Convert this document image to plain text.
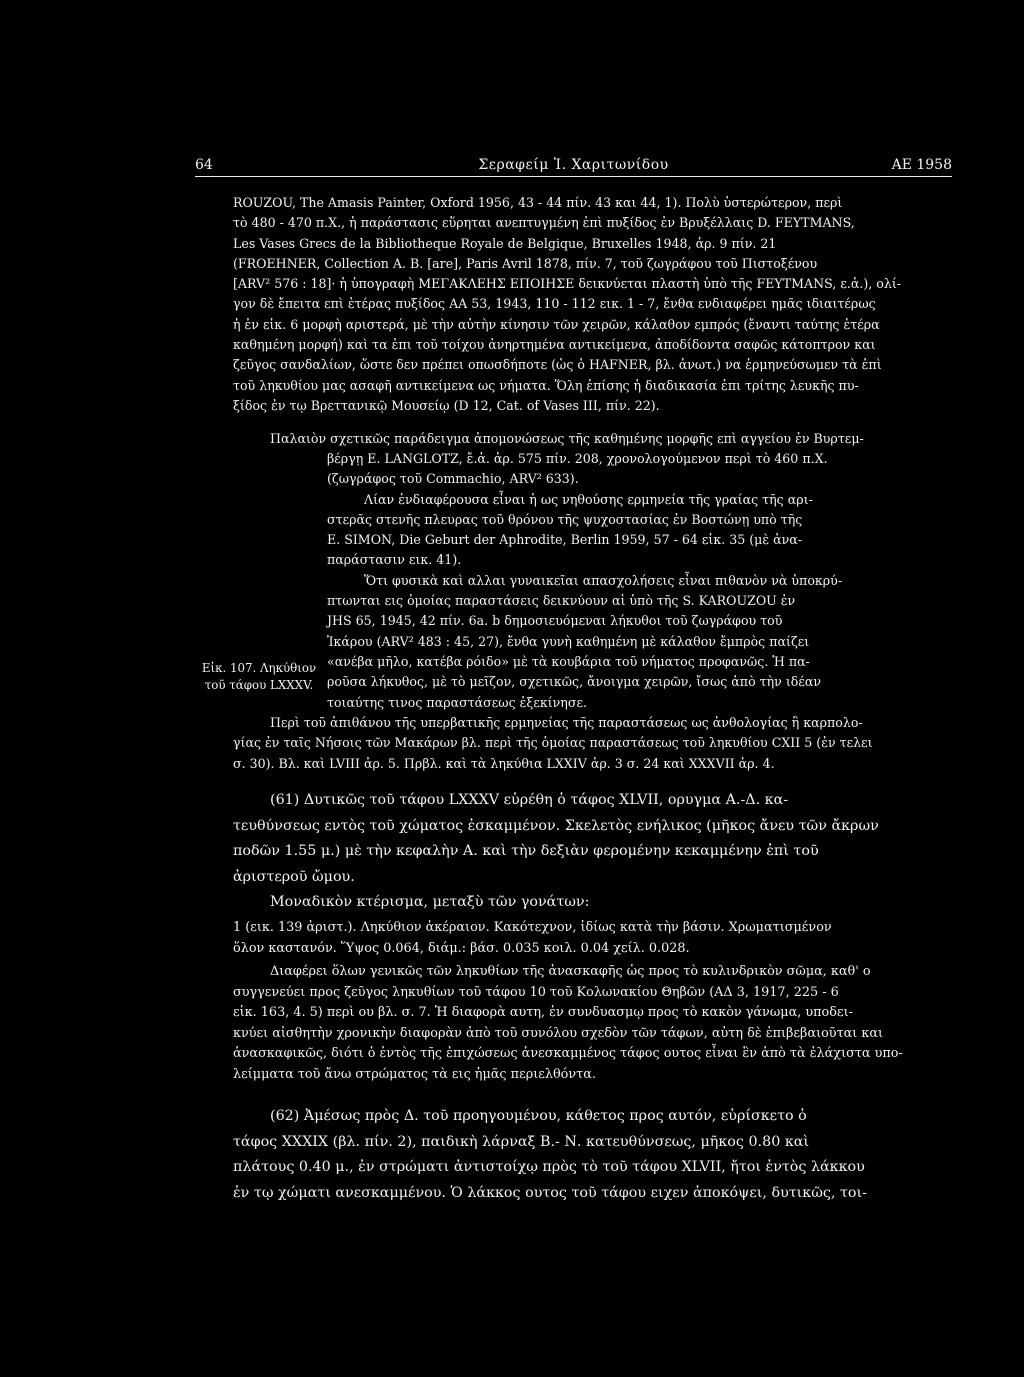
64	Σεραφείμ Ἰ. Χαριτωνίδου	ΑΕ 1958

ROUZOU, The Amasis Painter, Oxford 1956, 43 - 44 πίν. 43 και 44, 1). Πολὺ ὑστερώτερον, περὶ

τὸ 480 - 470 π.Χ., ἡ παράστασις εὕρηται ανεπτυγμένη ἐπὶ πυξίδος ἐν Βρυξέλλαις D. FEYTMANS,

Les Vases Grecs de la Bibliotheque Royale de Belgique, Bruxelles 1948, ἀρ. 9 πίν. 21

(FROEHNER, Collection A. B. [are], Paris Avril 1878, πίν. 7, τοῦ ζωγράφου τοῦ Πιστοξένου

[ARV² 576 : 18]· ἡ ὑπογραφὴ ΜΕΓΑΚΛΕΗΣ ΕΠΟΙΗΣΕ δεικνύεται πλαστὴ ὑπὸ τῆς FEYTMANS, ε.ἀ.), ολί-

γον δὲ ἔπειτα επὶ ἑτέρας πυξίδος ΑΑ 53, 1943, 110 - 112 εικ. 1 - 7, ἔνθα ενδιαφέρει ημᾶς ιδιαιτέρως

ἡ ἐν εἰκ. 6 μορφὴ αριστερά, μὲ τὴν αὐτὴν κίνησιν τῶν χειρῶν, κάλαθον εμπρός (ἔναντι ταύτης ἑτέρα

καθημένη μορφή) καὶ τα ἐπι τοῦ τοίχου ἀνηρτημένα αντικείμενα, ἀποδίδοντα σαφῶς κάτοπτρον και

ζεῦγος σανδαλίων, ὥστε δεν πρέπει οπωσδήποτε (ὡς ὁ HAFNER, βλ. ἀνωτ.) να ἑρμηνεύσωμεν τὰ ἐπὶ

τοῦ ληκυθίου μας ασαφῆ αντικείμενα ως νήματα. Ὅλη ἐπίσης ἡ διαδικασία ἐπι τρίτης λευκῆς πυ-

ξίδος ἐν τῳ Βρεττανικῷ Μουσείῳ (D 12, Cat. of Vases III, πίν. 22).

Παλαιὸν σχετικῶς παράδειγμα ἀπομονώσεως τῆς καθημένης μορφῆς επὶ αγγείου ἐν Βυρτεμ-

βέργῃ E. LANGLOTZ, ἔ.ἀ. ἀρ. 575 πίν. 208, χρονολογούμενον περὶ τὸ 460 π.Χ.

(ζωγράφος τοῦ Commachio, ARV² 633).

Λίαν ἐνδιαφέρουσα εἶναι ἡ ως νηθούσης ερμηνεία τῆς γραίας τῆς αρι-

στερᾶς στενῆς πλευρας τοῦ θρόνου τῆς ψυχοστασίας ἐν Βοστώνῃ υπὸ τῆς

E. SIMON, Die Geburt der Aphrodite, Berlin 1959, 57 - 64 εἰκ. 35 (μὲ ἀνα-

παράστασιν εικ. 41).

Ὅτι φυσικὰ καὶ αλλαι γυναικεῖαι απασχολήσεις εἶναι πιθανὸν νὰ ὑποκρύ-

πτωνται εις ὁμοίας παραστάσεις δεικνύουν αἱ ὑπὸ τῆς S. KAROUZOU ἐν

JHS 65, 1945, 42 πίν. 6a. b δημοσιευόμεναι λήκυθοι τοῦ ζωγράφου τοῦ

Ἰκάρου (ARV² 483 : 45, 27), ἔνθα γυνὴ καθημένη μὲ κάλαθον ἔμπρὸς παίζει

«ανέβα μῆλο, κατέβα ρόιδο» μὲ τὰ κουβάρια τοῦ νήματος προφανῶς. Ἡ πα-

ροῦσα λήκυθος, μὲ τὸ μεῖζον, σχετικῶς, ἄνοιγμα χειρῶν, ἴσως ἀπὸ τὴν ιδέαν

τοιαύτης τινος παραστάσεως ἐξεκίνησε.

Εἰκ. 107. Ληκύθιον
τοῦ τάφου LXXXV.

Περὶ τοῦ ἀπιθάνου τῆς υπερβατικῆς ερμηνείας τῆς παραστάσεως ως ἀνθολογίας ἢ καρπολο-

γίας ἐν ταῖς Νήσοις τῶν Μακάρων βλ. περὶ τῆς ὁμοίας παραστάσεως τοῦ ληκυθίου CXII 5 (ἐν τελει

σ. 30). Βλ. καὶ LVIII ἀρ. 5. Πρβλ. καὶ τὰ ληκύθια LXXIV ἀρ. 3 σ. 24 καὶ XXXVII ἀρ. 4.

(61) Δυτικῶς τοῦ τάφου LXXXV εὑρέθη ὁ τάφος XLVII, ορυγμα Α.-Δ. κα-

τευθύνσεως εντὸς τοῦ χώματος ἐσκαμμένον. Σκελετὸς ενήλικος (μῆκος ἄνευ τῶν ἄκρων

ποδῶν 1.55 μ.) μὲ τὴν κεφαλὴν Α. καὶ τὴν δεξιὰν φερομένην κεκαμμένην ἐπὶ τοῦ

ἀριστεροῦ ὤμου.

Μοναδικὸν κτέρισμα, μεταξὺ τῶν γονάτων:

1 (εικ. 139 ἀριστ.). Ληκύθιον ἀκέραιον. Κακότεχνον, ἰδίως κατὰ τὴν βάσιν. Χρωματισμένον

ὅλον καστανόν. Ὕψος 0.064, διάμ.: βάσ. 0.035 κοιλ. 0.04 χείλ. 0.028.

Διαφέρει ὅλων γενικῶς τῶν ληκυθίων τῆς ἀνασκαφῆς ὡς προς τὸ κυλινδρικὸν σῶμα, καθ' ο

συγγενεύει προς ζεῦγος ληκυθίων τοῦ τάφου 10 τοῦ Κολωνακίου Θηβῶν (ΑΔ 3, 1917, 225 - 6

εἰκ. 163, 4. 5) περὶ ου βλ. σ. 7. Ἡ διαφορὰ αυτη, ἐν συνδυασμῳ προς τὸ κακὸν γάνωμα, υποδει-

κνύει αἰσθητὴν χρονικὴν διαφορὰν ἀπὸ τοῦ συνόλου σχεδὸν τῶν τάφων, αὐτη δὲ ἐπιβεβαιοῦται και

ἀνασκαφικῶς, διότι ὁ ἐντὸς τῆς ἐπιχώσεως ἀνεσκαμμένος τάφος ουτος εἶναι ἓν ἀπὸ τὰ ἐλάχιστα υπο-

λείμματα τοῦ ἄνω στρώματος τὰ εις ἡμᾶς περιελθόντα.

(62) Ἀμέσως πρὸς Δ. τοῦ προηγουμένου, κάθετος προς αυτόν, εὑρίσκετο ὁ

τάφος XXXIX (βλ. πίν. 2), παιδικὴ λάρναξ Β.- Ν. κατευθύνσεως, μῆκος 0.80 καὶ

πλάτους 0.40 μ., ἐν στρώματι ἀντιστοίχῳ πρὸς τὸ τοῦ τάφου XLVII, ἤτοι ἐντὸς λάκκου

ἐν τῳ χώματι ανεσκαμμένου. Ὁ λάκκος ουτος τοῦ τάφου ειχεν ἀποκόψει, δυτικῶς, τοι-
